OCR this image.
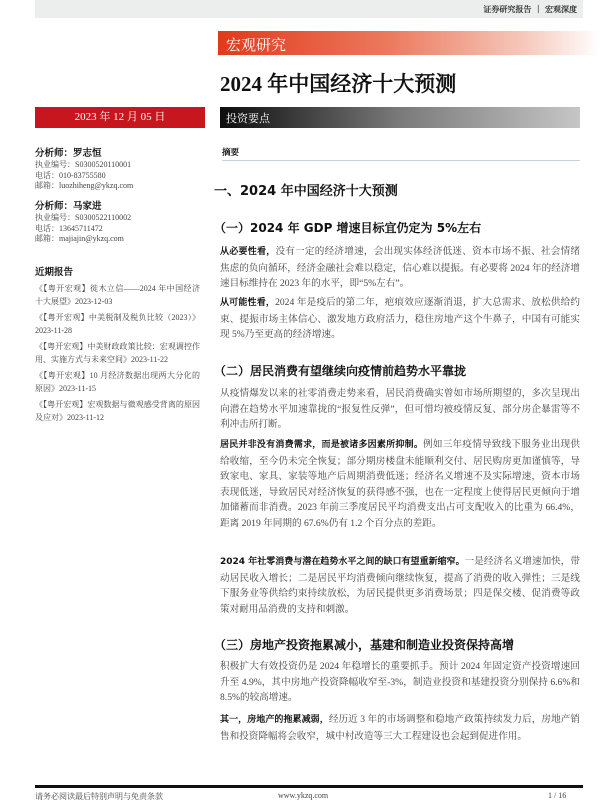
证券研究报告 ｜ 宏观深度
宏观研究
2024 年中国经济十大预测
2023 年 12 月 05 日	投资要点
分析师：罗志恒
执业编号：S0300520110001
电话：010-83755580
邮箱：luozhiheng@ykzq.com
分析师：马家进
执业编号：S0300522110002
电话：13645711472
邮箱：majiajin@ykzq.com
近期报告
《【粤开宏观】徙木立信——2024 年中国经济十大展望》2023-12-03
《【粤开宏观】中美税制及税负比较（2023）》2023-11-28
《【粤开宏观】中美财政政策比较：宏观调控作用、实施方式与未来空间》2023-11-22
《【粤开宏观】10 月经济数据出现两大分化的原因》2023-11-15
《【粤开宏观】宏观数据与微观感受背离的原因及应对》2023-11-12
摘要
一、2024 年中国经济十大预测
（一）2024 年 GDP 增速目标宜仍定为 5%左右
从必要性看，没有一定的经济增速，会出现实体经济低迷、资本市场不振、社会情绪焦虑的负向循环，经济金融社会难以稳定，信心难以提振。有必要将 2024 年的经济增速目标维持在 2023 年的水平，即“5%左右”。
从可能性看，2024 年是疫后的第二年，疤痕效应逐渐消退，扩大总需求、放松供给约束、提振市场主体信心、激发地方政府活力，稳住房地产这个牛鼻子，中国有可能实现 5%乃至更高的经济增速。
（二）居民消费有望继续向疫情前趋势水平靠拢
从疫情爆发以来的社零消费走势来看，居民消费确实曾如市场所期望的，多次呈现出向潜在趋势水平加速靠拢的“报复性反弹”，但可惜均被疫情反复、部分房企暴雷等不利冲击所打断。
居民并非没有消费需求，而是被诸多因素所抑制。例如三年疫情导致线下服务业出现供给收缩，至今仍未完全恢复；部分期房楼盘未能顺利交付、居民购房更加谨慎等，导致家电、家具、家装等地产后周期消费低迷；经济名义增速不及实际增速，资本市场表现低迷，导致居民对经济恢复的获得感不强，也在一定程度上使得居民更倾向于增加储蓄而非消费。2023 年前三季度居民平均消费支出占可支配收入的比重为 66.4%，距离 2019 年同期的 67.6%仍有 1.2 个百分点的差距。
2024 年社零消费与潜在趋势水平之间的缺口有望重新缩窄。一是经济名义增速加快，带动居民收入增长；二是居民平均消费倾向继续恢复，提高了消费的收入弹性；三是线下服务业等供给约束持续放松，为居民提供更多消费场景；四是保交楼、促消费等政策对耐用品消费的支持和刺激。
（三）房地产投资拖累减小，基建和制造业投资保持高增
积极扩大有效投资仍是 2024 年稳增长的重要抓手。预计 2024 年固定资产投资增速回升至 4.9%，其中房地产投资降幅收窄至-3%，制造业投资和基建投资分别保持 6.6%和 8.5%的较高增速。
其一，房地产的拖累减弱，经历近 3 年的市场调整和稳地产政策持续发力后，房地产销售和投资降幅将会收窄，城中村改造等三大工程建设也会起到促进作用。
请务必阅读最后特别声明与免责条款	www.ykzq.com	1 / 16
